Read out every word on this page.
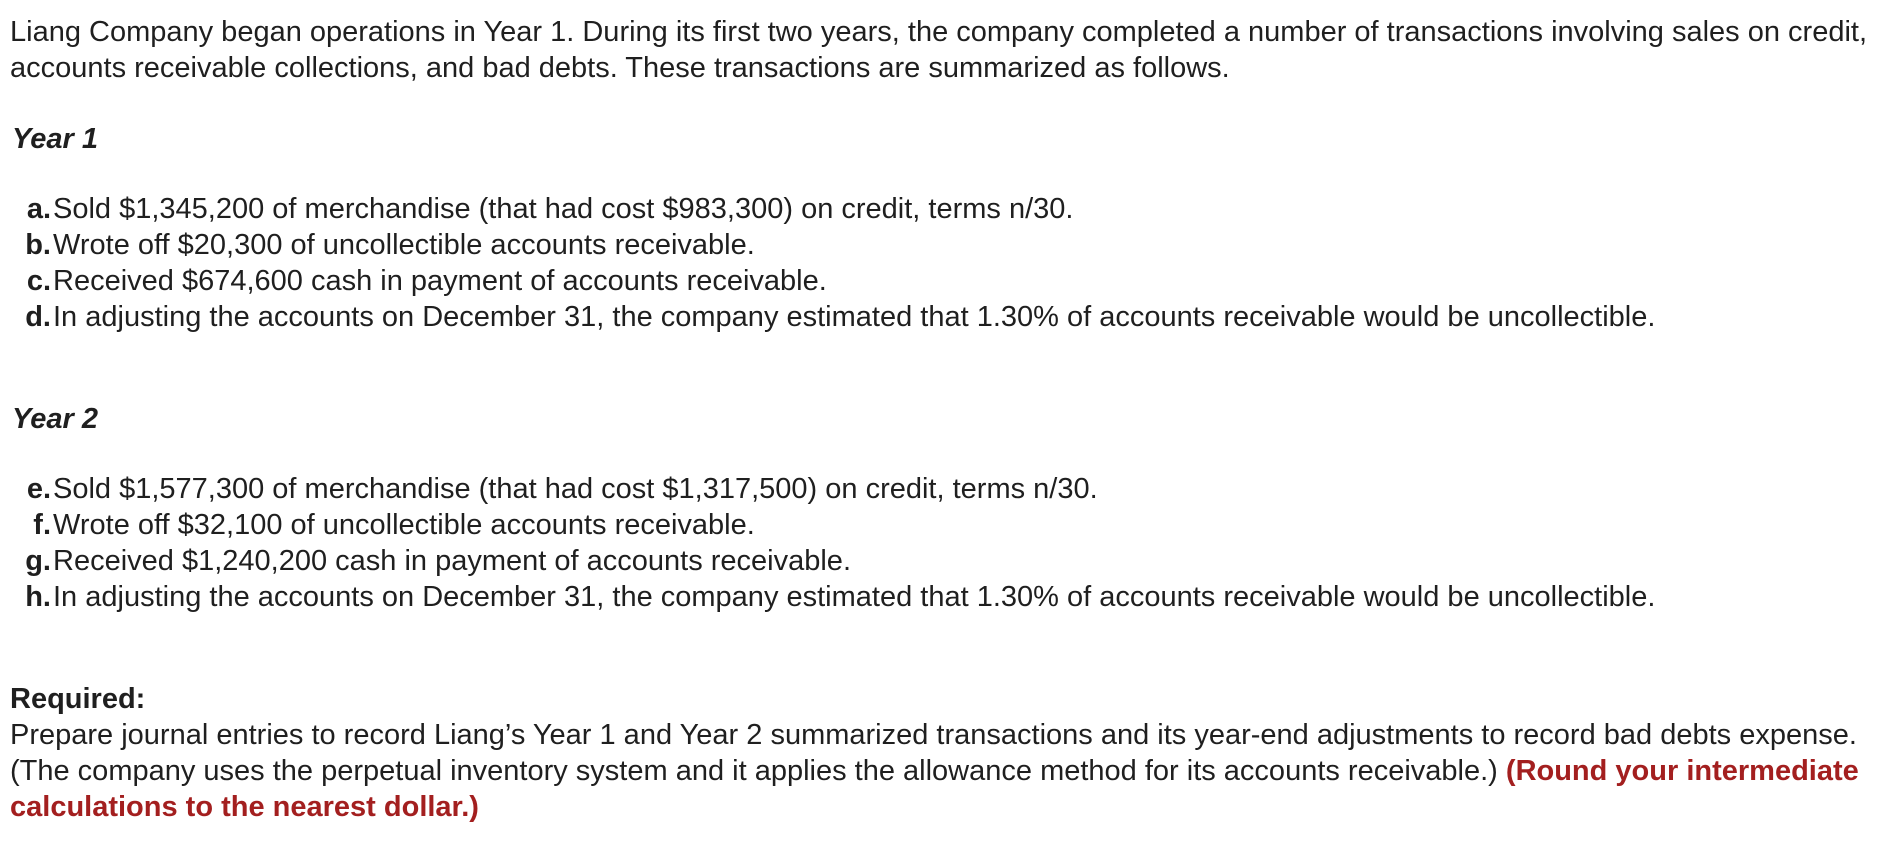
Liang Company began operations in Year 1. During its first two years, the company completed a number of transactions involving sales on credit, accounts receivable collections, and bad debts. These transactions are summarized as follows.

Year 1
a. Sold $1,345,200 of merchandise (that had cost $983,300) on credit, terms n/30.
b. Wrote off $20,300 of uncollectible accounts receivable.
c. Received $674,600 cash in payment of accounts receivable.
d. In adjusting the accounts on December 31, the company estimated that 1.30% of accounts receivable would be uncollectible.
Year 2
e. Sold $1,577,300 of merchandise (that had cost $1,317,500) on credit, terms n/30.
f. Wrote off $32,100 of uncollectible accounts receivable.
g. Received $1,240,200 cash in payment of accounts receivable.
h. In adjusting the accounts on December 31, the company estimated that 1.30% of accounts receivable would be uncollectible.
Required:

Prepare journal entries to record Liang’s Year 1 and Year 2 summarized transactions and its year-end adjustments to record bad debts expense. (The company uses the perpetual inventory system and it applies the allowance method for its accounts receivable.) (Round your intermediate calculations to the nearest dollar.)
